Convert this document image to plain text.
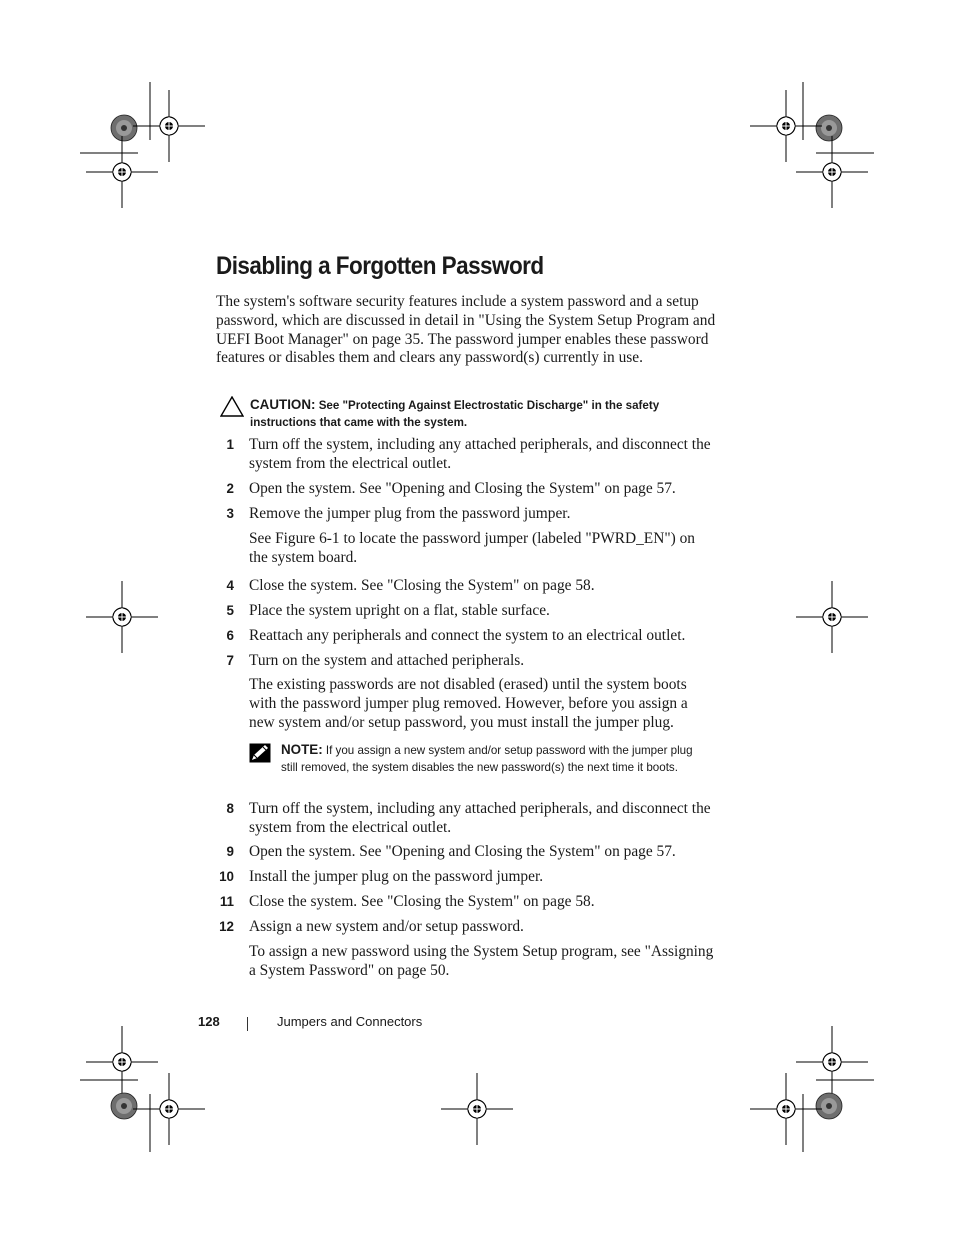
Disabling a Forgotten Password

The system's software security features include a system password and a setup password, which are discussed in detail in "Using the System Setup Program and UEFI Boot Manager" on page 35. The password jumper enables these password features or disables them and clears any password(s) currently in use.

CAUTION: See "Protecting Against Electrostatic Discharge" in the safety instructions that came with the system.
1 Turn off the system, including any attached peripherals, and disconnect the system from the electrical outlet.
2 Open the system. See "Opening and Closing the System" on page 57.
3 Remove the jumper plug from the password jumper.
See Figure 6-1 to locate the password jumper (labeled "PWRD_EN") on the system board.
4 Close the system. See "Closing the System" on page 58.
5 Place the system upright on a flat, stable surface.
6 Reattach any peripherals and connect the system to an electrical outlet.
7 Turn on the system and attached peripherals.
The existing passwords are not disabled (erased) until the system boots with the password jumper plug removed. However, before you assign a new system and/or setup password, you must install the jumper plug.
NOTE: If you assign a new system and/or setup password with the jumper plug still removed, the system disables the new password(s) the next time it boots.
8 Turn off the system, including any attached peripherals, and disconnect the system from the electrical outlet.
9 Open the system. See "Opening and Closing the System" on page 57.
10 Install the jumper plug on the password jumper.
11 Close the system. See "Closing the System" on page 58.
12 Assign a new system and/or setup password.
To assign a new password using the System Setup program, see "Assigning a System Password" on page 50.
128	Jumpers and Connectors
